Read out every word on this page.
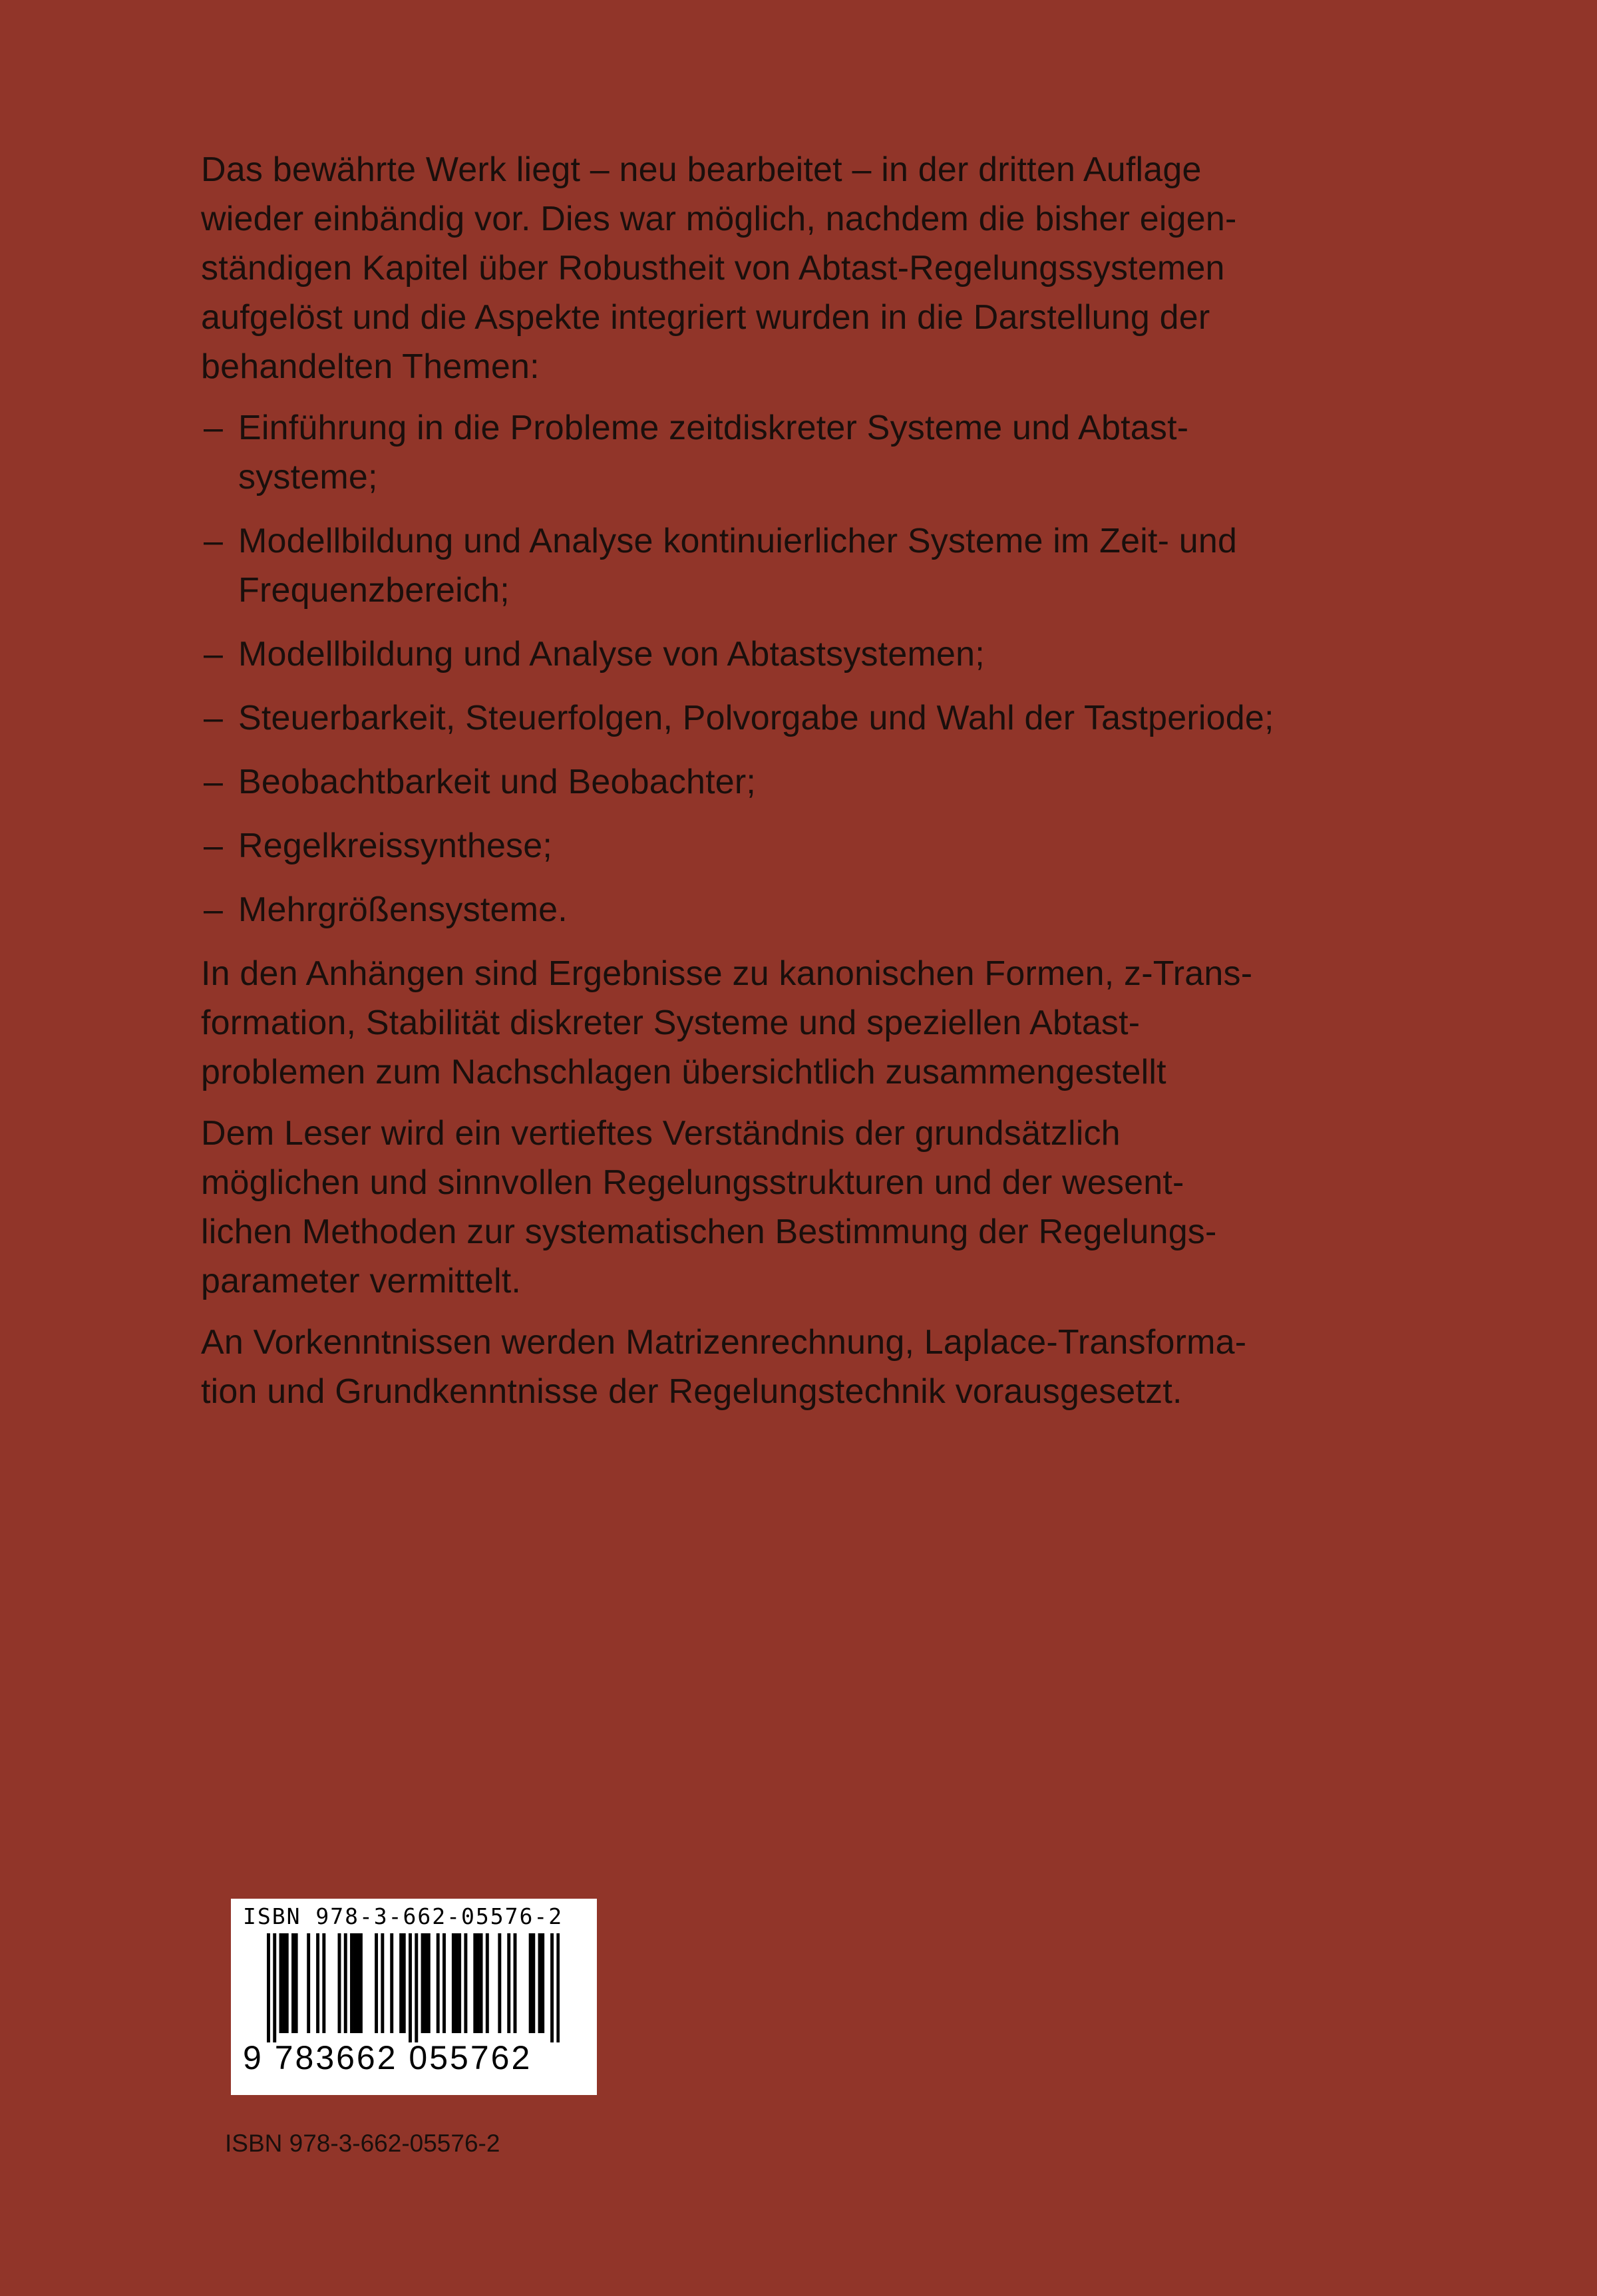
Das bewährte Werk liegt – neu bearbeitet – in der dritten Auflage
wieder einbändig vor. Dies war möglich, nachdem die bisher eigen-
ständigen Kapitel über Robustheit von Abtast-Regelungssystemen
aufgelöst und die Aspekte integriert wurden in die Darstellung der
behandelten Themen:

– Einführung in die Probleme zeitdiskreter Systeme und Abtast-
systeme;
– Modellbildung und Analyse kontinuierlicher Systeme im Zeit- und
Frequenzbereich;
– Modellbildung und Analyse von Abtastsystemen;
– Steuerbarkeit, Steuerfolgen, Polvorgabe und Wahl der Tastperiode;
– Beobachtbarkeit und Beobachter;
– Regelkreissynthese;
– Mehrgrößensysteme.

In den Anhängen sind Ergebnisse zu kanonischen Formen, z-Trans-
formation, Stabilität diskreter Systeme und speziellen Abtast-
problemen zum Nachschlagen übersichtlich zusammengestellt

Dem Leser wird ein vertieftes Verständnis der grundsätzlich
möglichen und sinnvollen Regelungsstrukturen und der wesent-
lichen Methoden zur systematischen Bestimmung der Regelungs-
parameter vermittelt.

An Vorkenntnissen werden Matrizenrechnung, Laplace-Transforma-
tion und Grundkenntnisse der Regelungstechnik vorausgesetzt.

ISBN 978-3-662-05576-2
9 783662 055762
ISBN 978-3-662-05576-2
